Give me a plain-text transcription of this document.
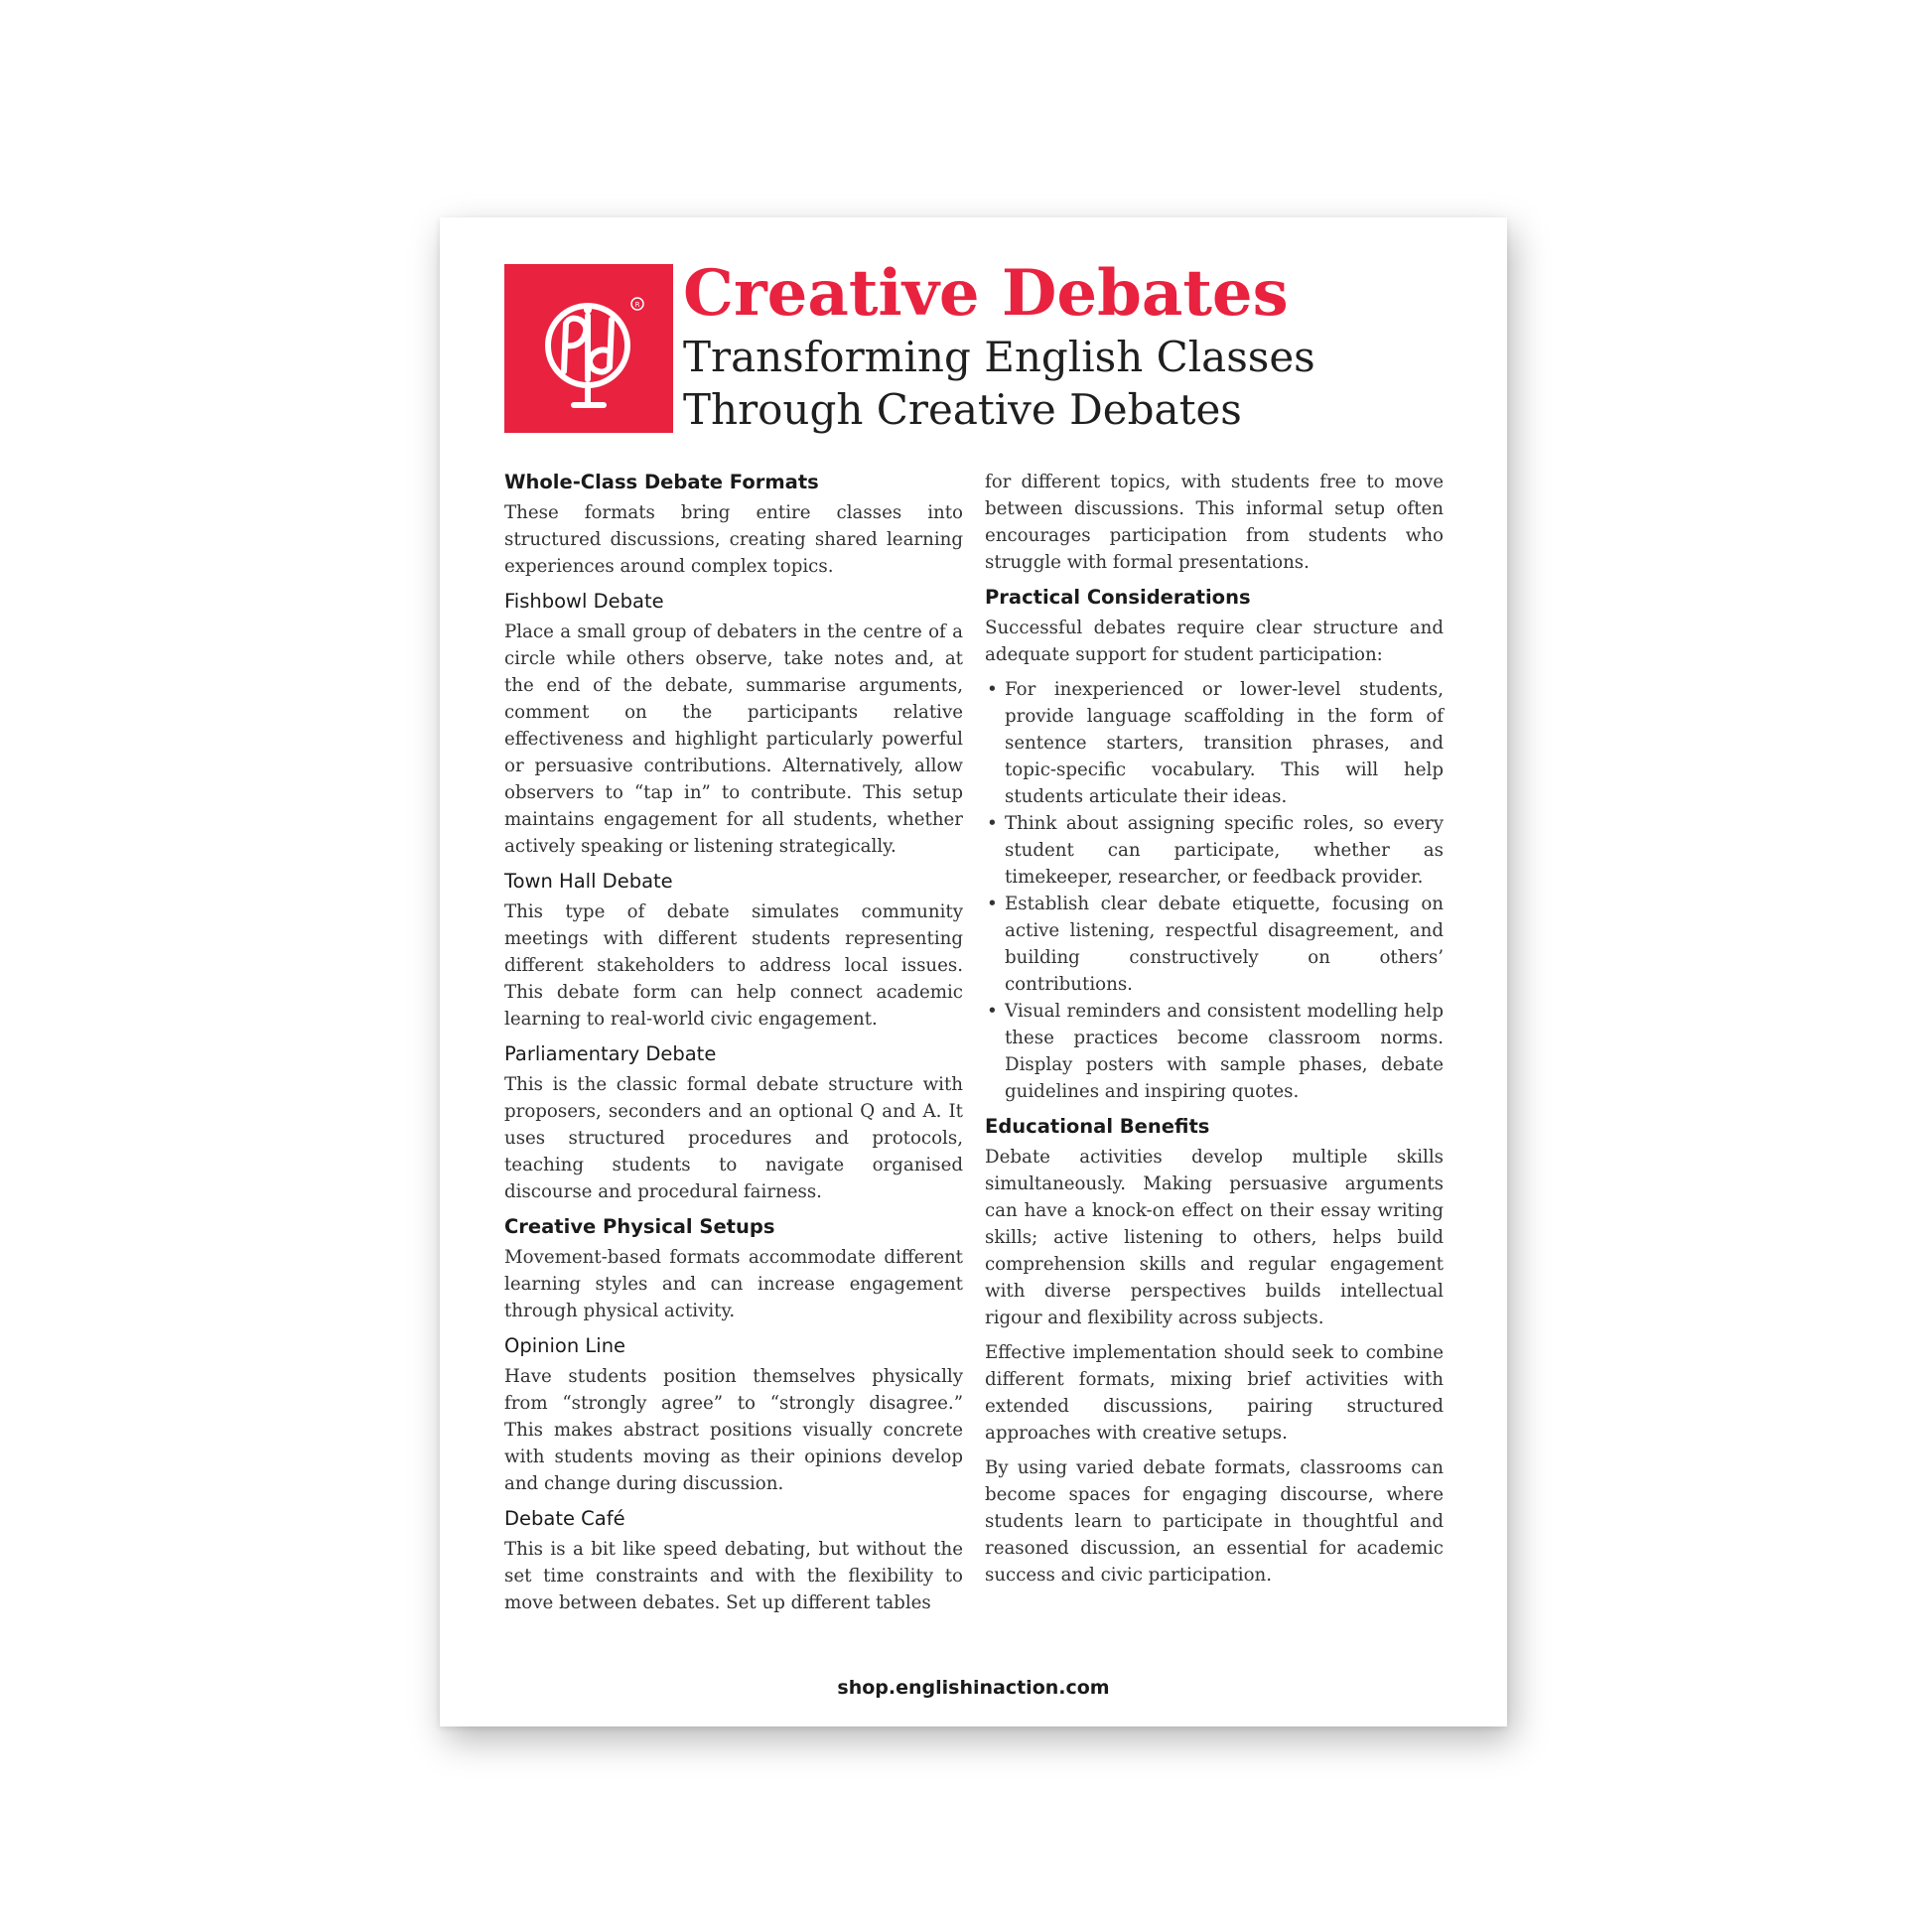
R Creative Debates
Transforming English Classes Through Creative Debates
Whole-Class Debate Formats

These formats bring entire classes into structured discussions, creating shared learning experiences around complex topics.

Fishbowl Debate

Place a small group of debaters in the centre of a circle while others observe, take notes and, at the end of the debate, summarise arguments, comment on the participants relative effectiveness and highlight particularly powerful or persuasive contributions. Alternatively, allow observers to “tap in” to contribute. This setup maintains engagement for all students, whether actively speaking or listening strategically.

Town Hall Debate

This type of debate simulates community meetings with different students representing different stakeholders to address local issues. This debate form can help connect academic learning to real-world civic engagement.

Parliamentary Debate

This is the classic formal debate structure with proposers, seconders and an optional Q and A. It uses structured procedures and protocols, teaching students to navigate organised discourse and procedural fairness.

Creative Physical Setups

Movement-based formats accommodate different learning styles and can increase engagement through physical activity.

Opinion Line

Have students position themselves physically from “strongly agree” to “strongly disagree.” This makes abstract positions visually concrete with students moving as their opinions develop and change during discussion.

Debate Café

This is a bit like speed debating, but without the set time constraints and with the flexibility to move between debates. Set up different tables

for different topics, with students free to move between discussions. This informal setup often encourages participation from students who struggle with formal presentations.

Practical Considerations

Successful debates require clear structure and adequate support for student participation:

• For inexperienced or lower-level students, provide language scaffolding in the form of sentence starters, transition phrases, and topic-specific vocabulary. This will help students articulate their ideas.
• Think about assigning specific roles, so every student can participate, whether as timekeeper, researcher, or feedback provider.
• Establish clear debate etiquette, focusing on active listening, respectful disagreement, and building constructively on others’ contributions.
• Visual reminders and consistent modelling help these practices become classroom norms. Display posters with sample phases, debate guidelines and inspiring quotes.
Educational Benefits

Debate activities develop multiple skills simultaneously. Making persuasive arguments can have a knock-on effect on their essay writing skills; active listening to others, helps build comprehension skills and regular engagement with diverse perspectives builds intellectual rigour and flexibility across subjects.

Effective implementation should seek to combine different formats, mixing brief activities with extended discussions, pairing structured approaches with creative setups.

By using varied debate formats, classrooms can become spaces for engaging discourse, where students learn to participate in thoughtful and reasoned discussion, an essential for academic success and civic participation.

shop.englishinaction.com
